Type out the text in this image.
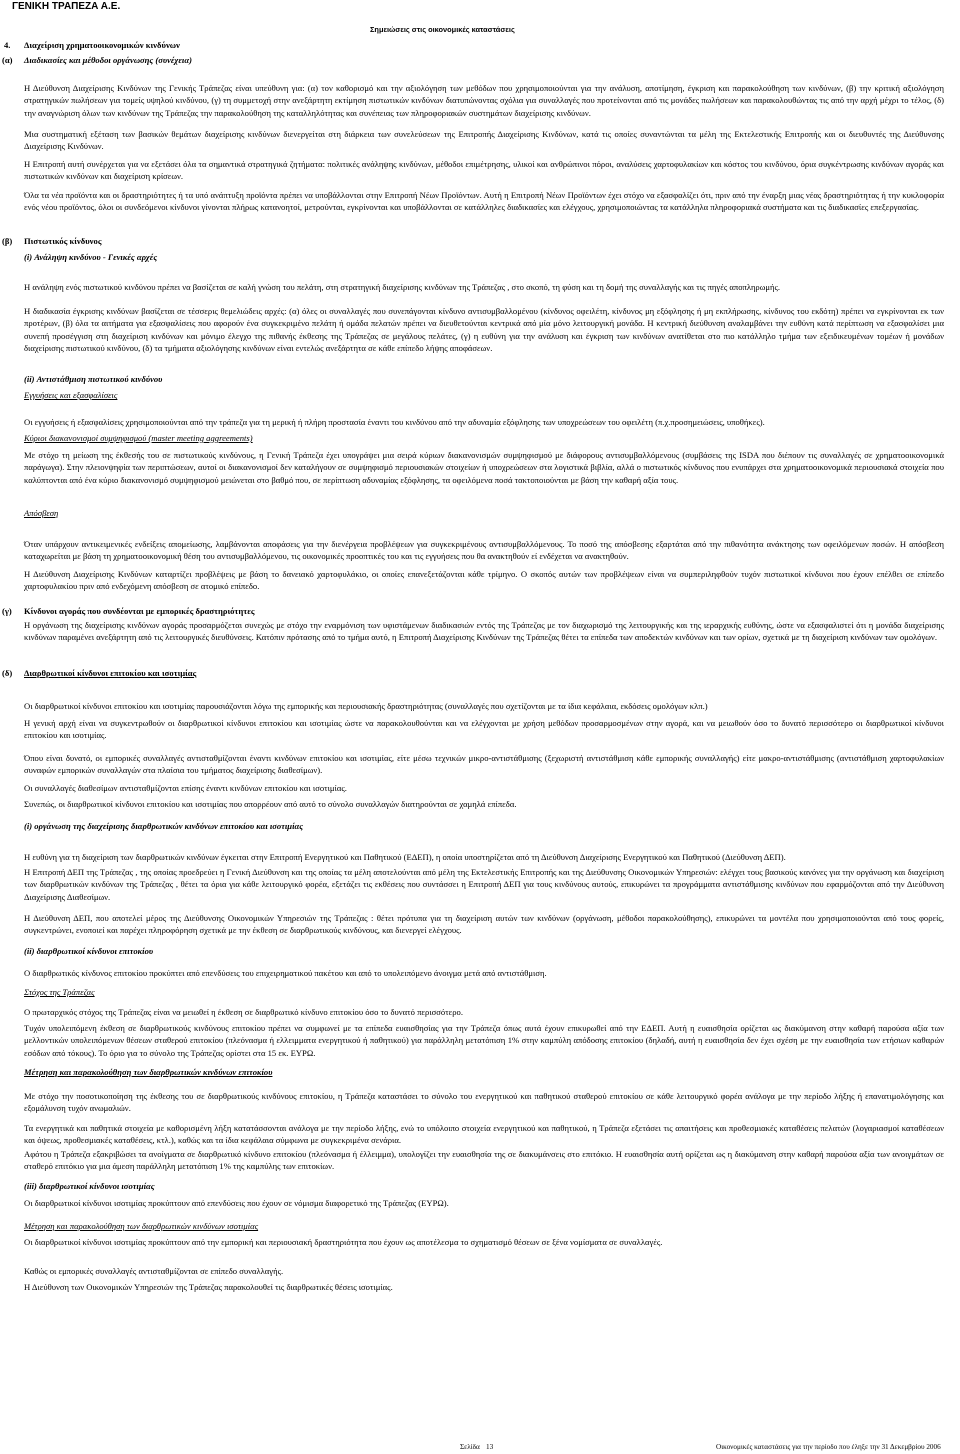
ΓΕΝΙΚΗ ΤΡΑΠΕΖΑ Α.Ε.
4. Διαχείριση χρηματοοικονομικών κινδύνων
Σημειώσεις στις οικονομικές καταστάσεις
(α) Διαδικασίες και μέθοδοι οργάνωσης (συνέχεια)

Η Διεύθυνση Διαχείρισης Κινδύνων της Γενικής Τράπεζας είναι υπεύθυνη για: (α) τον καθορισμό και την αξιολόγηση των μεθόδων που χρησιμοποιούνται για την ανάλυση, αποτίμηση, έγκριση και παρακολούθηση των κινδύνων, (β) την κριτική αξιολόγηση στρατηγικών πωλήσεων για τομείς υψηλού κινδύνου, (γ) τη συμμετοχή στην ανεξάρτητη εκτίμηση πιστωτικών κινδύνων διατυπώνοντας σχόλια για συναλλαγές που προτείνονται από τις μονάδες πωλήσεων και παρακολουθώντας τις από την αρχή μέχρι το τέλος, (δ) την αναγνώριση όλων των κινδύνων της Τράπεζας την παρακολούθηση της καταλληλότητας και συνέπειας των πληροφοριακών συστημάτων διαχείρισης κινδύνων.

Μια συστηματική εξέταση των βασικών θεμάτων διαχείρισης κινδύνων διενεργείται στη διάρκεια των συνελεύσεων της Επιτροπής Διαχείρισης Κινδύνων, κατά τις οποίες συναντώνται τα μέλη της Εκτελεστικής Επιτροπής και οι διευθυντές της Διεύθυνσης Διαχείρισης Κινδύνων.

Η Επιτροπή αυτή συνέρχεται για να εξετάσει όλα τα σημαντικά στρατηγικά ζητήματα: πολιτικές ανάληψης κινδύνων, μέθοδοι επιμέτρησης, υλικοί και ανθρώπινοι πόροι, αναλύσεις χαρτοφυλακίων και κόστος του κινδύνου, όρια συγκέντρωσης κινδύνων αγοράς και πιστωτικών κινδύνων και διαχείριση κρίσεων.

Όλα τα νέα προϊόντα και οι δραστηριότητες ή τα υπό ανάπτυξη προϊόντα πρέπει να υποβάλλονται στην Επιτροπή Νέων Προϊόντων. Αυτή η Επιτροπή Νέων Προϊόντων έχει στόχο να εξασφαλίζει ότι, πριν από την έναρξη μιας νέας δραστηριότητας ή την κυκλοφορία ενός νέου προϊόντος, όλοι οι συνδεόμενοι κίνδυνοι γίνονται πλήρως κατανοητοί, μετρούνται, εγκρίνονται και υποβάλλονται σε κατάλληλες διαδικασίες και ελέγχους, χρησιμοποιώντας τα κατάλληλα πληροφοριακά συστήματα και τις διαδικασίες επεξεργασίας.

(β) Πιστωτικός κίνδυνος
(i) Ανάληψη κινδύνου - Γενικές αρχές

Η ανάληψη ενός πιστωτικού κινδύνου πρέπει να βασίζεται σε καλή γνώση του πελάτη, στη στρατηγική διαχείρισης κινδύνων της Τράπεζας , στο σκοπό, τη φύση και τη δομή της συναλλαγής και τις πηγές αποπληρωμής.

Η διαδικασία έγκρισης κινδύνων βασίζεται σε τέσσερις θεμελιώδεις αρχές: (α) όλες οι συναλλαγές που συνεπάγονται κίνδυνο αντισυμβαλλομένου (κίνδυνος οφειλέτη, κίνδυνος μη εξόφλησης ή μη εκπλήρωσης, κίνδυνος του εκδότη) πρέπει να εγκρίνονται εκ των προτέρων, (β) όλα τα αιτήματα για εξασφαλίσεις που αφορούν ένα συγκεκριμένο πελάτη ή ομάδα πελατών πρέπει να διευθετούνται κεντρικά από μία μόνο λειτουργική μονάδα. Η κεντρική διεύθυνση αναλαμβάνει την ευθύνη κατά περίπτωση να εξασφαλίσει μια συνεπή προσέγγιση στη διαχείριση κινδύνων και μόνιμο έλεγχο της πιθανής έκθεσης της Τράπεζας σε μεγάλους πελάτες, (γ) η ευθύνη για την ανάλυση και έγκριση των κινδύνων ανατίθεται στο πιο κατάλληλο τμήμα των εξειδικευμένων τομέων ή μονάδων διαχείρισης πιστωτικού κινδύνου, (δ) τα τμήματα αξιολόγησης κινδύνων είναι εντελώς ανεξάρτητα σε κάθε επίπεδο λήψης αποφάσεων.

(ii) Αντιστάθμιση πιστωτικού κινδύνου
Εγγυήσεις και εξασφαλίσεις

Οι εγγυήσεις ή εξασφαλίσεις χρησιμοποιούνται από την τράπεζα για τη μερική ή πλήρη προστασία έναντι του κινδύνου από την αδυναμία εξόφλησης των υποχρεώσεων του οφειλέτη (π.χ.προσημειώσεις, υποθήκες).

Κύριοι διακανονισμοί συμψηφισμού (master meeting aggreements)

Με στόχο τη μείωση της έκθεσής του σε πιστωτικούς κινδύνους, η Γενική Τράπεζα έχει υπογράψει μια σειρά κύριων διακανονισμών συμψηφισμού με διάφορους αντισυμβαλλόμενους (συμβάσεις της ISDA που διέπουν τις συναλλαγές σε χρηματοοικονομικά παράγωγα). Στην πλειονψηφία των περιπτώσεων, αυτοί οι διακανονισμοί δεν καταλήγουν σε συμψηφισμό περιουσιακών στοιχείων ή υποχρεώσεων στα λογιστικά βιβλία, αλλά ο πιστωτικός κίνδυνος που ενυπάρχει στα χρηματοοικονομικά περιουσιακά στοιχεία που καλύπτονται από ένα κύριο διακανονισμό συμψηφισμού μειώνεται στο βαθμό που, σε περίπτωση αδυναμίας εξόφλησης, τα οφειλόμενα ποσά τακτοποιούνται με βάση την καθαρή αξία τους.

Απόσβεση

Όταν υπάρχουν αντικειμενικές ενδείξεις απομείωσης, λαμβάνονται αποφάσεις για την διενέργεια προβλέψεων για συγκεκριμένους αντισυμβαλλόμενους. Το ποσό της απόσβεσης εξαρτάται από την πιθανότητα ανάκτησης των οφειλόμενων ποσών. Η απόσβεση καταχωρείται με βάση τη χρηματοοικονομική θέση του αντισυμβαλλόμενου, τις οικονομικές προοπτικές του και τις εγγυήσεις που θα ανακτηθούν εί ενδέχεται να ανακτηθούν.

Η Διεύθυνση Διαχείρισης Κινδύνων καταρτίζει προβλέψεις με βάση το δανειακό χαρτοφυλάκιο, οι οποίες επανεξετάζονται κάθε τρίμηνο. Ο σκοπός αυτών των προβλέψεων είναι να συμπεριληφθούν τυχόν πιστωτικοί κίνδυνοι που έχουν επέλθει σε επίπεδο χαρτοφυλακίου πριν από ενδεχόμενη απόσβεση σε ατομικό επίπεδο.

(γ) Κίνδυνοι αγοράς που συνδέονται με εμπορικές δραστηριότητες

Η οργάνωση της διαχείρισης κινδύνων αγοράς προσαρμόζεται συνεχώς με στόχο την εναρμόνιση των υφιστάμενων διαδικασιών εντός της Τράπεζας με τον διαχωρισμό της λειτουργικής και της ιεραρχικής ευθύνης, ώστε να εξασφαλιστεί ότι η μονάδα διαχείρισης κινδύνων παραμένει ανεξάρτητη από τις λειτουργικές διευθύνσεις. Κατόπιν πρότασης από το τμήμα αυτό, η Επιτροπή Διαχείρισης Κινδύνων της Τράπεζας θέτει τα επίπεδα των αποδεκτών κινδύνων και των ορίων, σχετικά με τη διαχείριση κινδύνων των ομολόγων.

(δ) Διαρθρωτικοί κίνδυνοι επιτοκίου και ισοτιμίας

Οι διαρθρωτικοί κίνδυνοι επιτοκίου και ισοτιμίας παρουσιάζονται λόγω της εμπορικής και περιουσιακής δραστηριότητας (συναλλαγές που σχετίζονται με τα ίδια κεφάλαια, εκδόσεις ομολόγων κλπ.)

Η γενική αρχή είναι να συγκεντρωθούν οι διαρθρωτικοί κίνδυνοι επιτοκίου και ισοτιμίας ώστε να παρακολουθούνται και να ελέγχονται με χρήση μεθόδων προσαρμοσμένων στην αγορά, και να μειωθούν όσο το δυνατό περισσότερο οι διαρθρωτικοί κίνδυνοι επιτοκίου και ισοτιμίας.

Όπου είναι δυνατό, οι εμπορικές συναλλαγές αντισταθμίζονται έναντι κινδύνων επιτοκίου και ισοτιμίας, είτε μέσω τεχνικών μικρο-αντιστάθμισης (ξεχωριστή αντιστάθμιση κάθε εμπορικής συναλλαγής) είτε μακρο-αντιστάθμισης (αντιστάθμιση χαρτοφυλακίων συναφών εμπορικών συναλλαγών στα πλαίσια του τμήματος διαχείρισης διαθεσίμων).

Οι συναλλαγές διαθεσίμων αντισταθμίζονται επίσης έναντι κινδύνων επιτοκίου και ισοτιμίας.

Συνεπώς, οι διαρθρωτικοί κίνδυνοι επιτοκίου και ισοτιμίας που απορρέουν από αυτό το σύνολο συναλλαγών διατηρούνται σε χαμηλά επίπεδα.

(i) οργάνωση της διαχείρισης διαρθρωτικών κινδύνων επιτοκίου και ισοτιμίας

Η ευθύνη για τη διαχείριση των διαρθρωτικών κινδύνων έγκειται στην Επιτροπή Ενεργητικού και Παθητικού (ΕΔΕΠ), η οποία υποστηρίζεται από τη Διεύθυνση Διαχείρισης Ενεργητικού και Παθητικού (Διεύθυνση ΔΕΠ).

Η Επιτροπή ΔΕΠ της Τράπεζας , της οποίας προεδρεύει η Γενική Διεύθυνση και της οποίας τα μέλη αποτελούνται από μέλη της Εκτελεστικής Επιτροπής και της Διεύθυνσης Οικονομικών Υπηρεσιών: ελέγχει τους βασικούς κανόνες για την οργάνωση και διαχείριση των διαρθρωτικών κινδύνων της Τράπεζας , θέτει τα όρια για κάθε λειτουργικό φορέα, εξετάζει τις εκθέσεις που συντάσσει η Επιτροπή ΔΕΠ για τους κινδύνους αυτούς, επικυρώνει τα προγράμματα αντιστάθμισης κινδύνων που εφαρμόζονται από την Διεύθυνση Διαχείρισης Διαθεσίμων.

Η Διεύθυνση ΔΕΠ, που αποτελεί μέρος της Διεύθυνσης Οικονομικών Υπηρεσιών της Τράπεζας : θέτει πρότυπα για τη διαχείριση αυτών των κινδύνων (οργάνωση, μέθοδοι παρακολούθησης), επικυρώνει τα μοντέλα που χρησιμοποιούνται από τους φορείς, συγκεντρώνει, ενοποιεί και παρέχει πληροφόρηση σχετικά με την έκθεση σε διαρθρωτικούς κινδύνους, και διενεργεί ελέγχους.

(ii) διαρθρωτικοί κίνδυνοι επιτοκίου

Ο διαρθρωτικός κίνδυνος επιτοκίου προκύπτει από επενδύσεις του επιχειρηματικού πακέτου και από το υπολειπόμενο άνοιγμα μετά από αντιστάθμιση.

Στόχος της Τράπεζας

Ο πρωταρχικός στόχος της Τράπεζας είναι να μειωθεί η έκθεση σε διαρθρωτικό κίνδυνο επιτοκίου όσο το δυνατό περισσότερο.

Τυχόν υπολειπόμενη έκθεση σε διαρθρωτικούς κινδύνους επιτοκίου πρέπει να συμφωνεί με τα επίπεδα ευαισθησίας για την Τράπεζα όπως αυτά έχουν επικυρωθεί από την ΕΔΕΠ. Αυτή η ευαισθησία ορίζεται ως διακύμανση στην καθαρή παρούσα αξία των μελλοντικών υπολειπόμενων θέσεων σταθερού επιτοκίου (πλεόνασμα ή ελλειμματα ενεργητικού ή παθητικού) για παράλληλη μετατόπιση 1% στην καμπύλη απόδοσης επιτοκίου (δηλαδή, αυτή η ευαισθησία δεν έχει σχέση με την ευαισθησία των ετήσιων καθαρών εσόδων από τόκους). Το όριο για το σύνολο της Τράπεζας ορίστει στα 15 εκ. ΕΥΡΩ.

Μέτρηση και παρακολούθηση των διαρθρωτικών κινδύνων επιτοκίου

Με στόχο την ποσοτικοποίηση της έκθεσης του σε διαρθρωτικούς κινδύνους επιτοκίου, η Τράπεζα καταστάσει το σύνολο του ενεργητικού και παθητικού σταθερού επιτοκίου σε κάθε λειτουργικό φορέα ανάλογα με την περίοδο λήξης ή επανατιμολόγησης και εξομάλυνση τυχόν ανωμαλιών.

Τα ενεργητικά και παθητικά στοιχεία με καθορισμένη λήξη κατατάσσονται ανάλογα με την περίοδο λήξης, ενώ το υπόλοιπο στοιχεία ενεργητικού και παθητικού, η Τράπεζα εξετάσει τις απαιτήσεις και προθεσμιακές καταθέσεις πελατών (λογαριασμοί καταθέσεων και όψεως, προθεσμιακές καταθέσεις, κτλ.), καθώς και τα ίδια κεφάλαια σύμφωνα με συγκεκριμένα σενάρια.

Αφότου η Τράπεζα εξακριβώσει τα ανοίγματα σε διαρθρωτικό κίνδυνο επιτοκίου (πλεόνασμα ή έλλειμμα), υπολογίζει την ευαισθησία της σε διακυμάνσεις στο επιτόκιο. Η ευαισθησία αυτή ορίζεται ως η διακύμανση στην καθαρή παρούσα αξία των ανοιγμάτων σε σταθερό επιτόκιο για μια άμεση παράλληλη μετατόπιση 1% της καμπύλης των επιτοκίων.

(iii) διαρθρωτικοί κίνδυνοι ισοτιμίας

Οι διαρθρωτικοί κίνδυνοι ισοτιμίας προκύπτουν από επενδύσεις που έχουν σε νόμισμα διαφορετικό της Τράπεζας (ΕΥΡΩ).

Μέτρηση και παρακολούθηση των διαρθρωτικών κινδύνων ισοτιμίας

Οι διαρθρωτικοί κίνδυνοι ισοτιμίας προκύπτουν από την εμπορική και περιουσιακή δραστηριότητα που έχουν ως αποτέλεσμα το σχηματισμό θέσεων σε ξένα νομίσματα σε συναλλαγές.

Καθώς οι εμπορικές συναλλαγές αντισταθμίζονται σε επίπεδο συναλλαγής.

Η Διεύθυνση των Οικονομικών Υπηρεσιών της Τράπεζας παρακολουθεί τις διαρθρωτικές θέσεις ισοτιμίας.

Σελίδα 13	Οικονομικές καταστάσεις για την περίοδο που έληξε την 31 Δεκεμβρίου 2006
